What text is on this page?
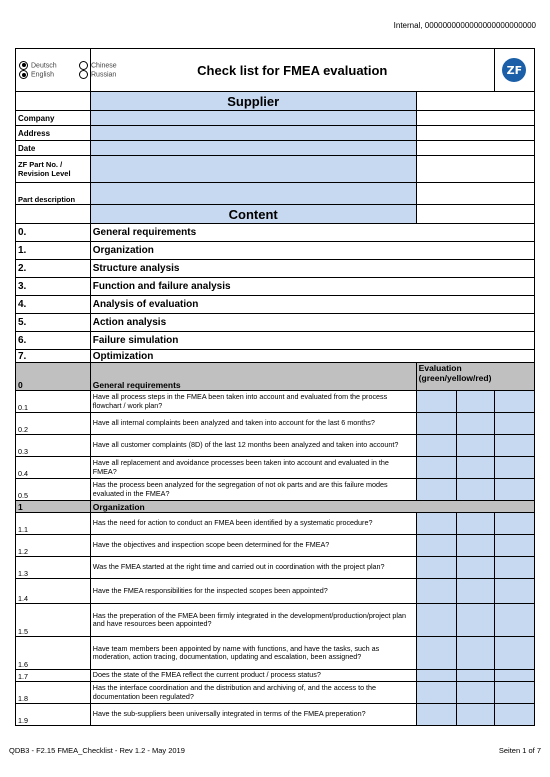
Internal, 0000000000000000000000000
Deutsch Chinese
English Russian	Check list for FMEA evaluation			ZF

	Supplier			
Company				
Address				
Date				
ZF Part No. / Revision Level				
Part description				
	Content			
0.	General requirements			
1.	Organization			
2.	Structure analysis			
3.	Function and failure analysis			
4.	Analysis of evaluation			
5.	Action analysis			
6.	Failure simulation			
7.	Optimization			
0	General requirements	Evaluation (green/yellow/red)		
0.1	Have all process steps in the FMEA been taken into account and evaluated from the process flowchart / work plan?			
0.2	Have all internal complaints been analyzed and taken into account for the last 6 months?			
0.3	Have all customer complaints (8D) of the last 12 months been analyzed and taken into account?			
0.4	Have all replacement and avoidance processes been taken into account and evaluated in the FMEA?			
0.5	Has the process been analyzed for the segregation of not ok parts and are this failure modes evaluated in the FMEA?			
1	Organization			
1.1	Has the need for action to conduct an FMEA been identified by a systematic procedure?			
1.2	Have the objectives and inspection scope been determined for the FMEA?			
1.3	Was the FMEA started at the right time and carried out in coordination with the project plan?			
1.4	Have the FMEA responsibilities for the inspected scopes been appointed?			
1.5	Has the preperation of the FMEA been firmly integrated in the development/production/project plan and have resources been appointed?			
1.6	Have team members been appointed by name with functions, and have the tasks, such as moderation, action tracing, documentation, updating and escalation, been assigned?			
1.7	Does the state of the FMEA reflect the current product / process status?			
1.8	Has the interface coordination and the distribution and archiving of, and the access to the documentation been regulated?			
1.9	Have the sub-suppliers been universally integrated in terms of the FMEA preperation?			
QDB3 - F2.15 FMEA_Checklist - Rev 1.2 - May 2019	Seiten 1 of 7
